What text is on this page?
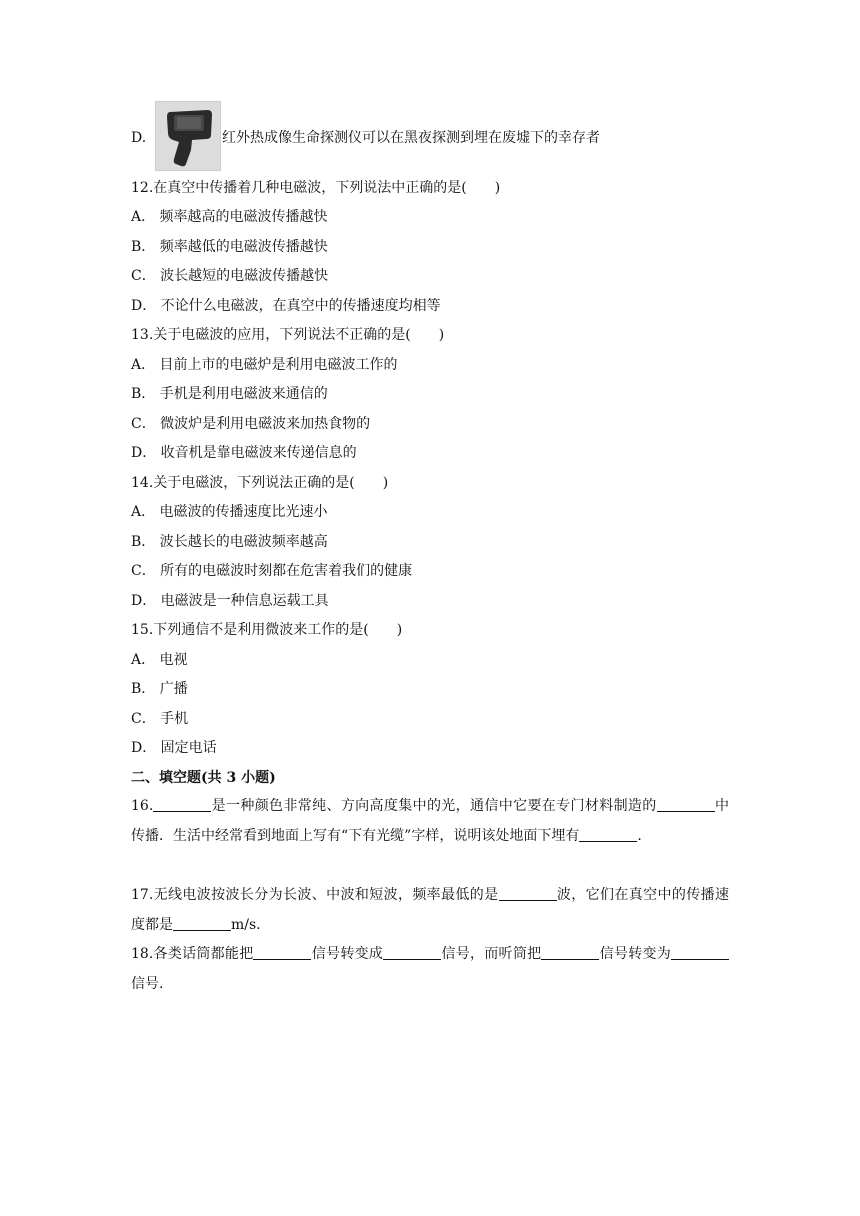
D.	红外热成像生命探测仪可以在黑夜探测到埋在废墟下的幸存者
12.在真空中传播着几种电磁波，下列说法中正确的是(　　)
A． 频率越高的电磁波传播越快
B． 频率越低的电磁波传播越快
C． 波长越短的电磁波传播越快
D． 不论什么电磁波，在真空中的传播速度均相等
13.关于电磁波的应用，下列说法不正确的是(　　)
A． 目前上市的电磁炉是利用电磁波工作的
B． 手机是利用电磁波来通信的
C． 微波炉是利用电磁波来加热食物的
D． 收音机是靠电磁波来传递信息的
14.关于电磁波，下列说法正确的是(　　)
A． 电磁波的传播速度比光速小
B． 波长越长的电磁波频率越高
C． 所有的电磁波时刻都在危害着我们的健康
D． 电磁波是一种信息运载工具
15.下列通信不是利用微波来工作的是(　　)
A． 电视
B． 广播
C． 手机
D． 固定电话
二、填空题(共 3 小题)
16.	是一种颜色非常纯、方向高度集中的光，通信中它要在专门材料制造的	中传播．生活中经常看到地面上写有“下有光缆”字样，说明该处地面下埋有	.
17.无线电波按波长分为长波、中波和短波，频率最低的是	波，它们在真空中的传播速度都是	m/s.
18.各类话筒都能把	信号转变成	信号，而听筒把	信号转变为信号.
